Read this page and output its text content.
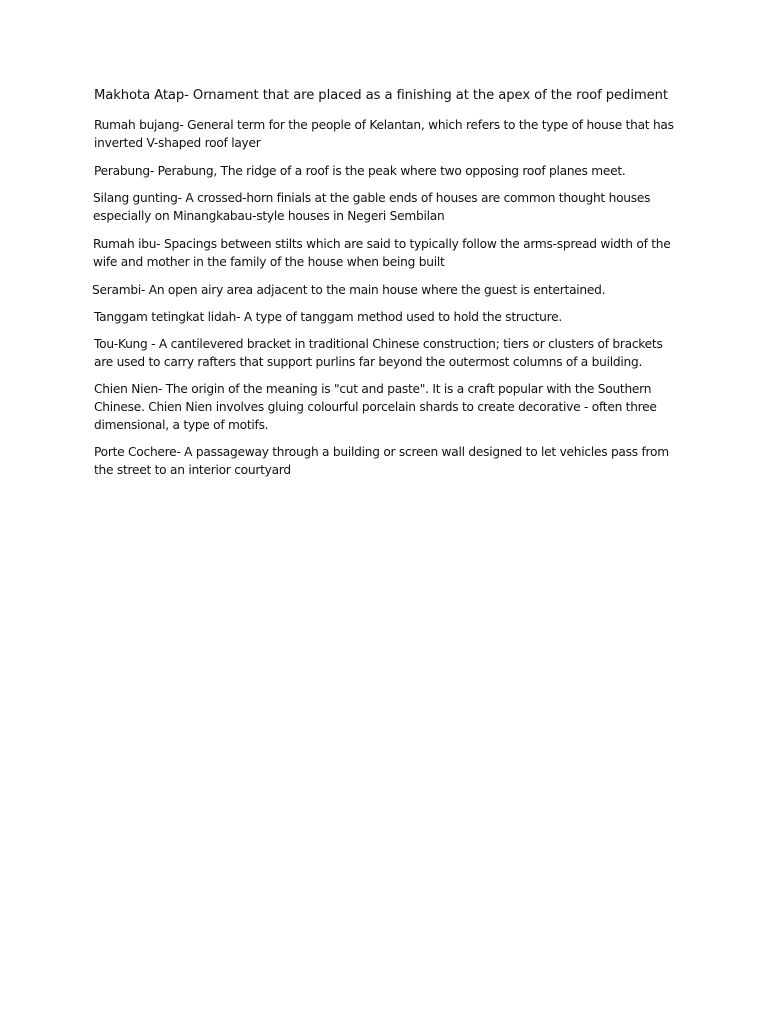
Makhota Atap- Ornament that are placed as a finishing at the apex of the roof pediment

Rumah bujang- General term for the people of Kelantan, which refers to the type of house that has inverted V-shaped roof layer

Perabung- Perabung, The ridge of a roof is the peak where two opposing roof planes meet.

Silang gunting- A crossed-horn finials at the gable ends of houses are common thought houses especially on Minangkabau-style houses in Negeri Sembilan

Rumah ibu- Spacings between stilts which are said to typically follow the arms-spread width of the wife and mother in the family of the house when being built

Serambi- An open airy area adjacent to the main house where the guest is entertained.

Tanggam tetingkat lidah- A type of tanggam method used to hold the structure.

Tou-Kung - A cantilevered bracket in traditional Chinese construction; tiers or clusters of brackets are used to carry rafters that support purlins far beyond the outermost columns of a building.

Chien Nien- The origin of the meaning is "cut and paste". It is a craft popular with the Southern Chinese. Chien Nien involves gluing colourful porcelain shards to create decorative - often three dimensional, a type of motifs.

Porte Cochere- A passageway through a building or screen wall designed to let vehicles pass from the street to an interior courtyard
